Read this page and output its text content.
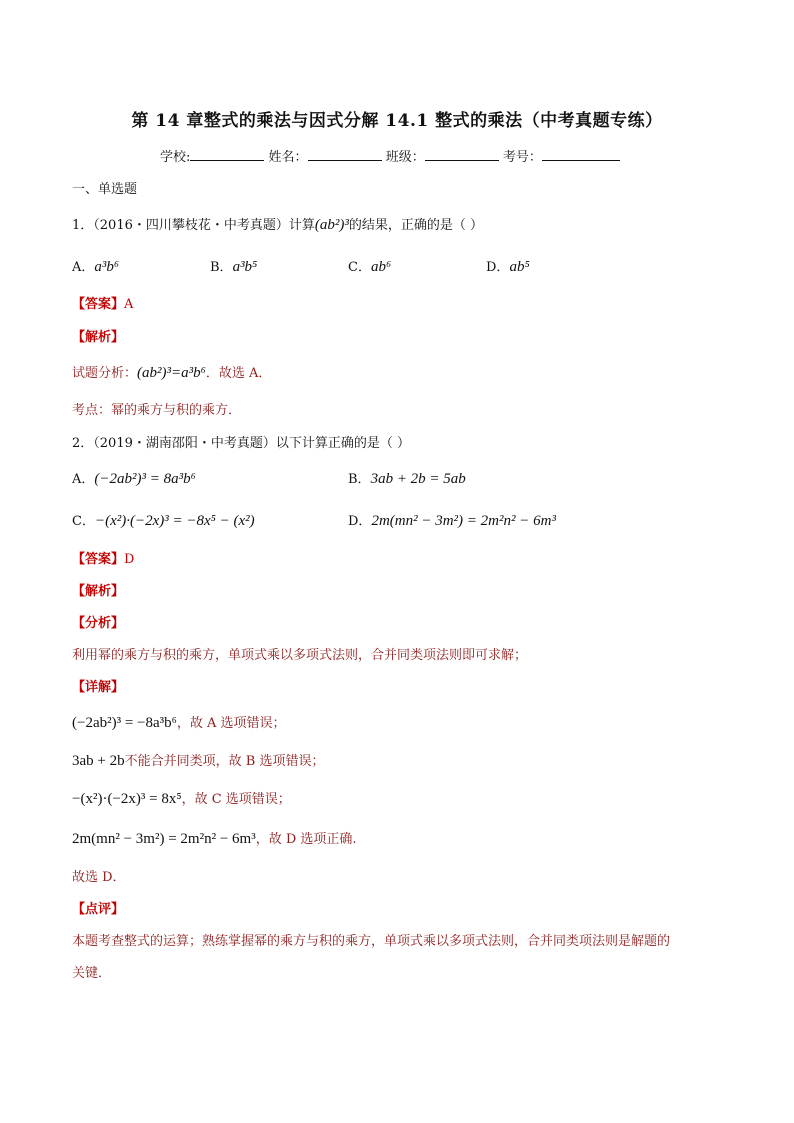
第 14 章整式的乘法与因式分解 14.1 整式的乘法（中考真题专练）
学校:	姓名：	班级：	考号：
一、单选题
1．（2016・四川攀枝花・中考真题）计算(ab²)³的结果，正确的是（ ）
A．a³b⁶	B．a³b⁵	C．ab⁶	D．ab⁵
【答案】A
【解析】
试题分析：(ab²)³=a³b⁶．故选 A．
考点：幂的乘方与积的乘方．
2．（2019・湖南邵阳・中考真题）以下计算正确的是（ ）
A．(−2ab²)³ = 8a³b⁶	B．3ab + 2b = 5ab
C．−(x²)·(−2x)³ = −8x⁵ − (x²)	D．2m(mn² − 3m²) = 2m²n² − 6m³
【答案】D
【解析】
【分析】
利用幂的乘方与积的乘方，单项式乘以多项式法则，合并同类项法则即可求解；
【详解】
(−2ab²)³ = −8a³b⁶，故 A 选项错误；
3ab + 2b不能合并同类项，故 B 选项错误；
−(x²)·(−2x)³ = 8x⁵，故 C 选项错误；
2m(mn² − 3m²) = 2m²n² − 6m³，故 D 选项正确.
故选 D．
【点评】
本题考查整式的运算；熟练掌握幂的乘方与积的乘方，单项式乘以多项式法则，合并同类项法则是解题的
关键．
